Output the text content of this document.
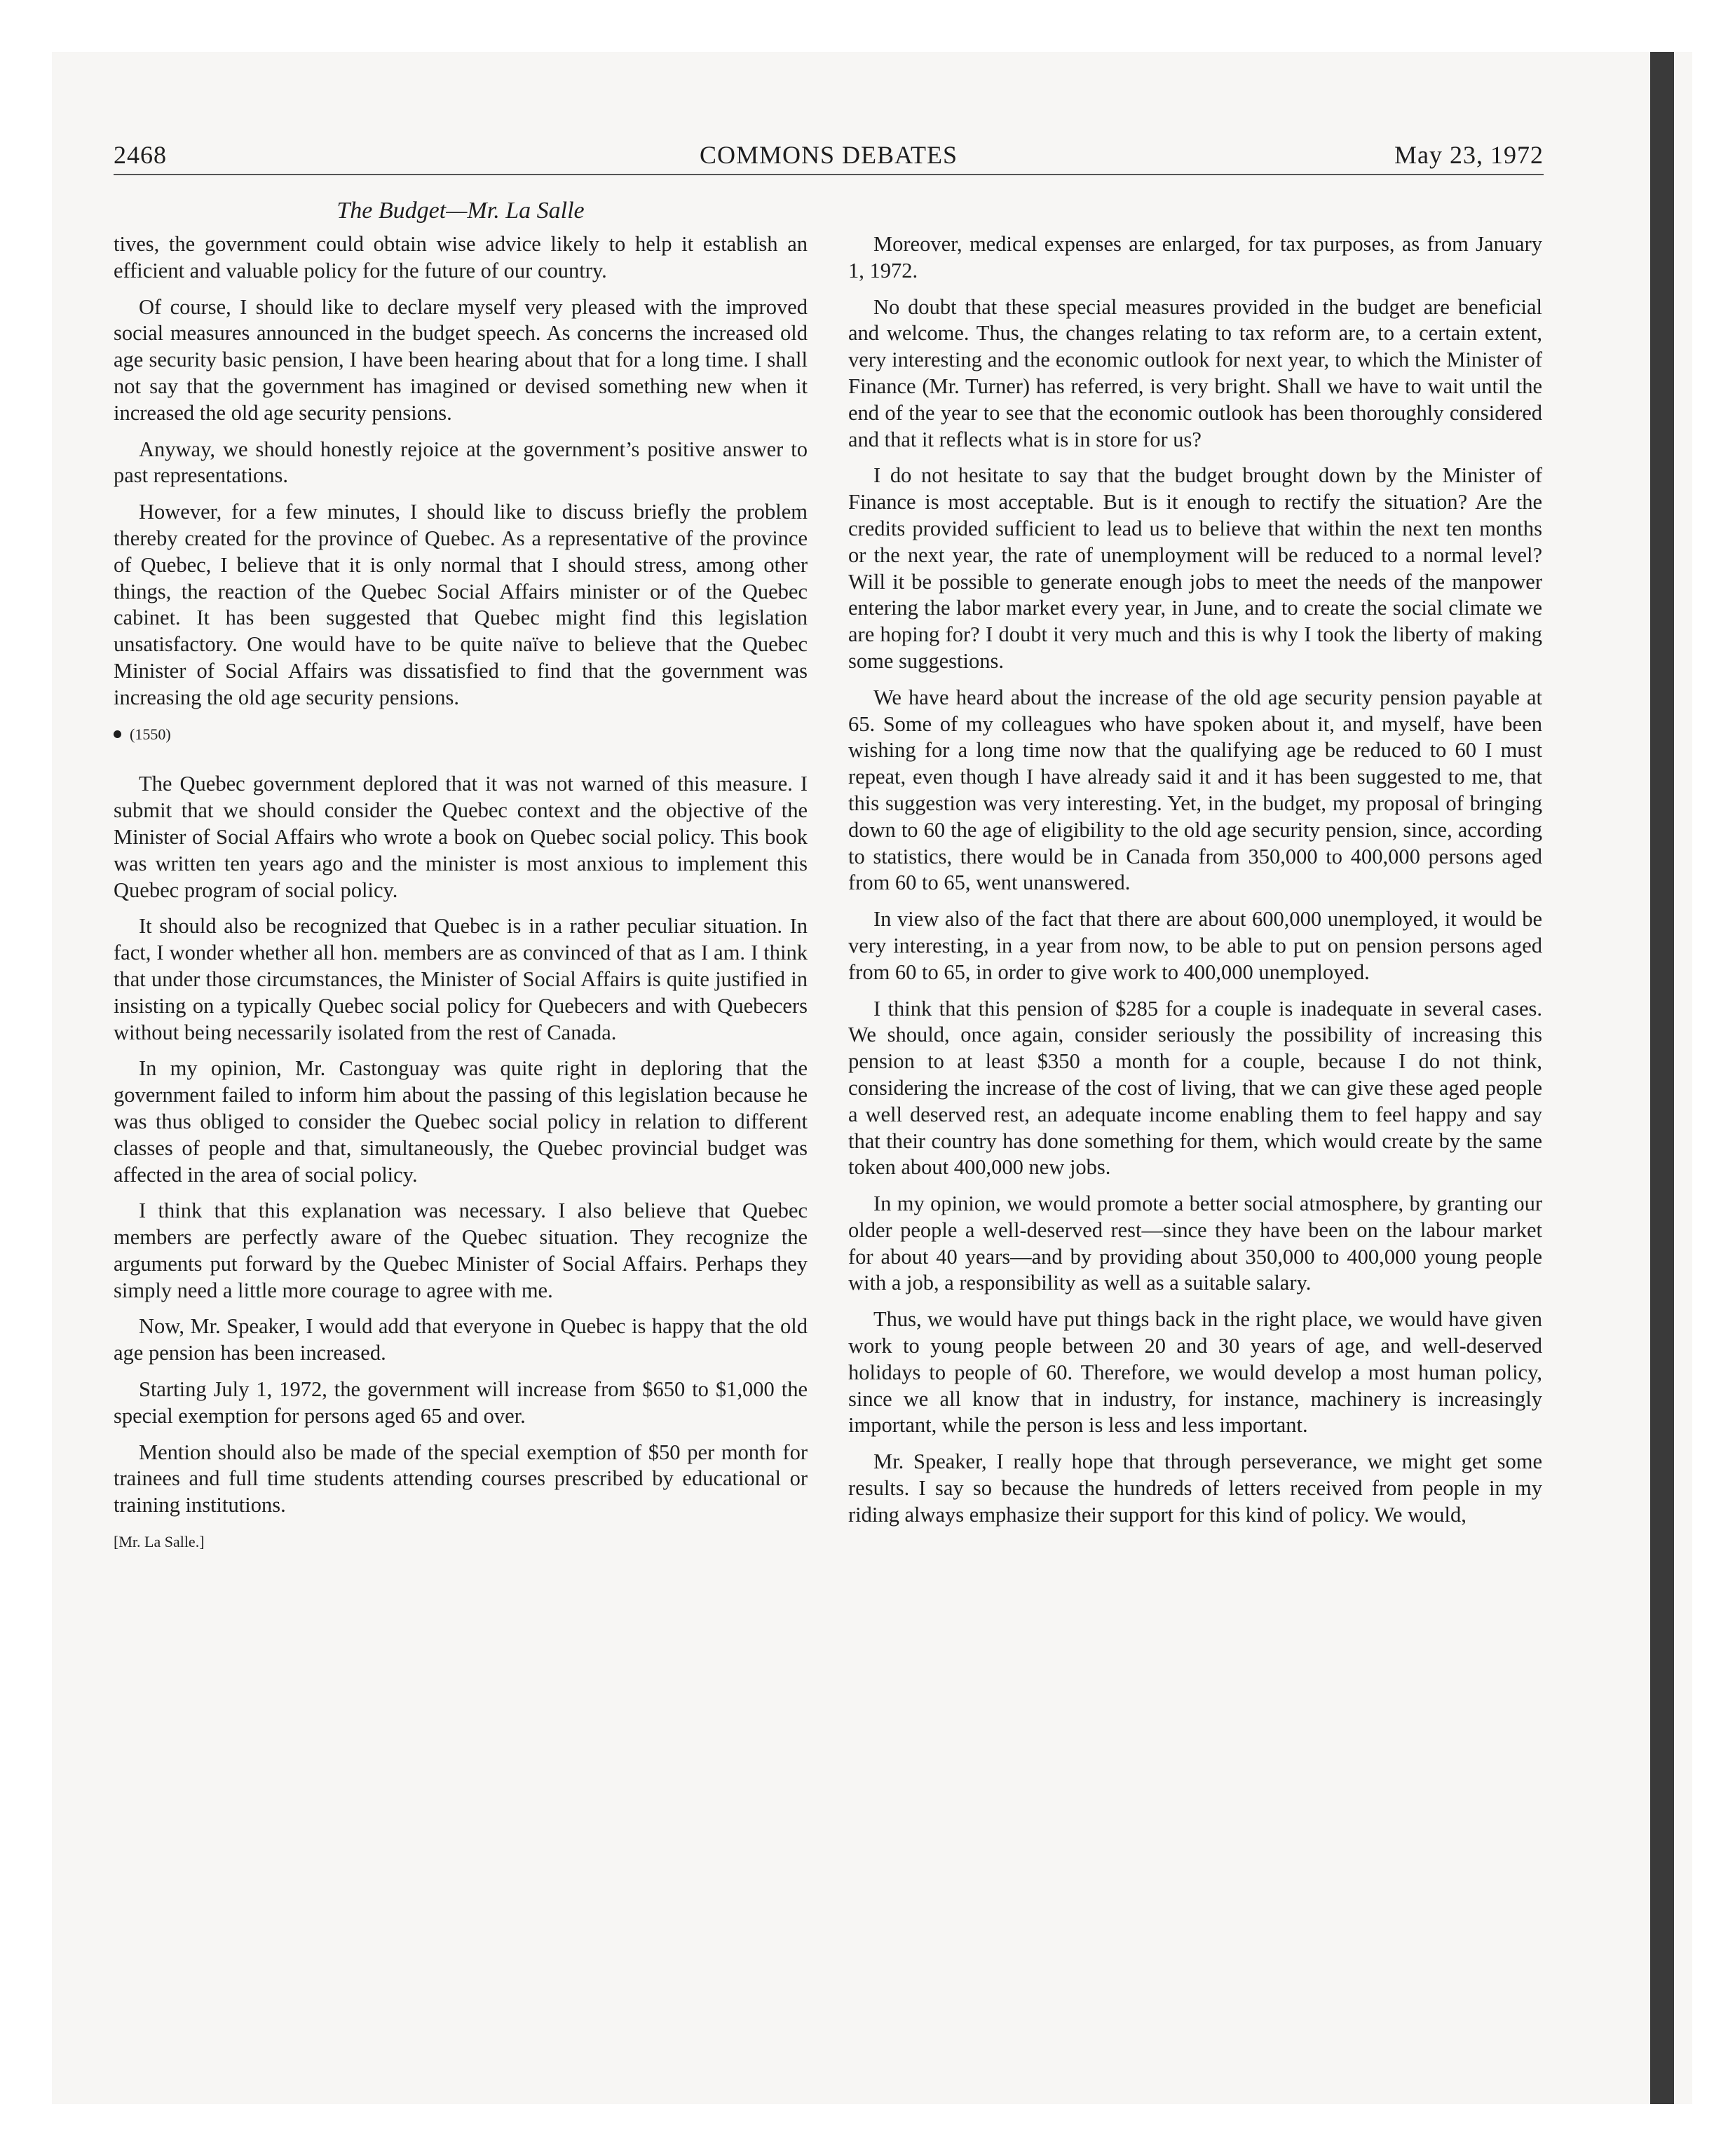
2468	COMMONS DEBATES	May 23, 1972
The Budget—Mr. La Salle

tives, the government could obtain wise advice likely to help it establish an efficient and valuable policy for the future of our country.

Of course, I should like to declare myself very pleased with the improved social measures announced in the budget speech. As concerns the increased old age security basic pension, I have been hearing about that for a long time. I shall not say that the government has imagined or devised something new when it increased the old age security pensions.

Anyway, we should honestly rejoice at the government’s positive answer to past representations.

However, for a few minutes, I should like to discuss briefly the problem thereby created for the province of Quebec. As a representative of the province of Quebec, I believe that it is only normal that I should stress, among other things, the reaction of the Quebec Social Affairs minister or of the Quebec cabinet. It has been suggested that Quebec might find this legislation unsatisfactory. One would have to be quite naïve to believe that the Quebec Minister of Social Affairs was dissatisfied to find that the government was increasing the old age security pensions.

(1550)

The Quebec government deplored that it was not warned of this measure. I submit that we should consider the Quebec context and the objective of the Minister of Social Affairs who wrote a book on Quebec social policy. This book was written ten years ago and the minister is most anxious to implement this Quebec program of social policy.

It should also be recognized that Quebec is in a rather peculiar situation. In fact, I wonder whether all hon. members are as convinced of that as I am. I think that under those circumstances, the Minister of Social Affairs is quite justified in insisting on a typically Quebec social policy for Quebecers and with Quebecers without being necessarily isolated from the rest of Canada.

In my opinion, Mr. Castonguay was quite right in deploring that the government failed to inform him about the passing of this legislation because he was thus obliged to consider the Quebec social policy in relation to different classes of people and that, simultaneously, the Quebec provincial budget was affected in the area of social policy.

I think that this explanation was necessary. I also believe that Quebec members are perfectly aware of the Quebec situation. They recognize the arguments put forward by the Quebec Minister of Social Affairs. Perhaps they simply need a little more courage to agree with me.

Now, Mr. Speaker, I would add that everyone in Quebec is happy that the old age pension has been increased.

Starting July 1, 1972, the government will increase from $650 to $1,000 the special exemption for persons aged 65 and over.

Mention should also be made of the special exemption of $50 per month for trainees and full time students attending courses prescribed by educational or training institutions.

[Mr. La Salle.]

Moreover, medical expenses are enlarged, for tax purposes, as from January 1, 1972.

No doubt that these special measures provided in the budget are beneficial and welcome. Thus, the changes relating to tax reform are, to a certain extent, very interesting and the economic outlook for next year, to which the Minister of Finance (Mr. Turner) has referred, is very bright. Shall we have to wait until the end of the year to see that the economic outlook has been thoroughly considered and that it reflects what is in store for us?

I do not hesitate to say that the budget brought down by the Minister of Finance is most acceptable. But is it enough to rectify the situation? Are the credits provided sufficient to lead us to believe that within the next ten months or the next year, the rate of unemployment will be reduced to a normal level? Will it be possible to generate enough jobs to meet the needs of the manpower entering the labor market every year, in June, and to create the social climate we are hoping for? I doubt it very much and this is why I took the liberty of making some suggestions.

We have heard about the increase of the old age security pension payable at 65. Some of my colleagues who have spoken about it, and myself, have been wishing for a long time now that the qualifying age be reduced to 60 I must repeat, even though I have already said it and it has been suggested to me, that this suggestion was very interesting. Yet, in the budget, my proposal of bringing down to 60 the age of eligibility to the old age security pension, since, according to statistics, there would be in Canada from 350,000 to 400,000 persons aged from 60 to 65, went unanswered.

In view also of the fact that there are about 600,000 unemployed, it would be very interesting, in a year from now, to be able to put on pension persons aged from 60 to 65, in order to give work to 400,000 unemployed.

I think that this pension of $285 for a couple is inadequate in several cases. We should, once again, consider seriously the possibility of increasing this pension to at least $350 a month for a couple, because I do not think, considering the increase of the cost of living, that we can give these aged people a well deserved rest, an adequate income enabling them to feel happy and say that their country has done something for them, which would create by the same token about 400,000 new jobs.

In my opinion, we would promote a better social atmosphere, by granting our older people a well-deserved rest—since they have been on the labour market for about 40 years—and by providing about 350,000 to 400,000 young people with a job, a responsibility as well as a suitable salary.

Thus, we would have put things back in the right place, we would have given work to young people between 20 and 30 years of age, and well-deserved holidays to people of 60. Therefore, we would develop a most human policy, since we all know that in industry, for instance, machinery is increasingly important, while the person is less and less important.

Mr. Speaker, I really hope that through perseverance, we might get some results. I say so because the hundreds of letters received from people in my riding always emphasize their support for this kind of policy. We would,
